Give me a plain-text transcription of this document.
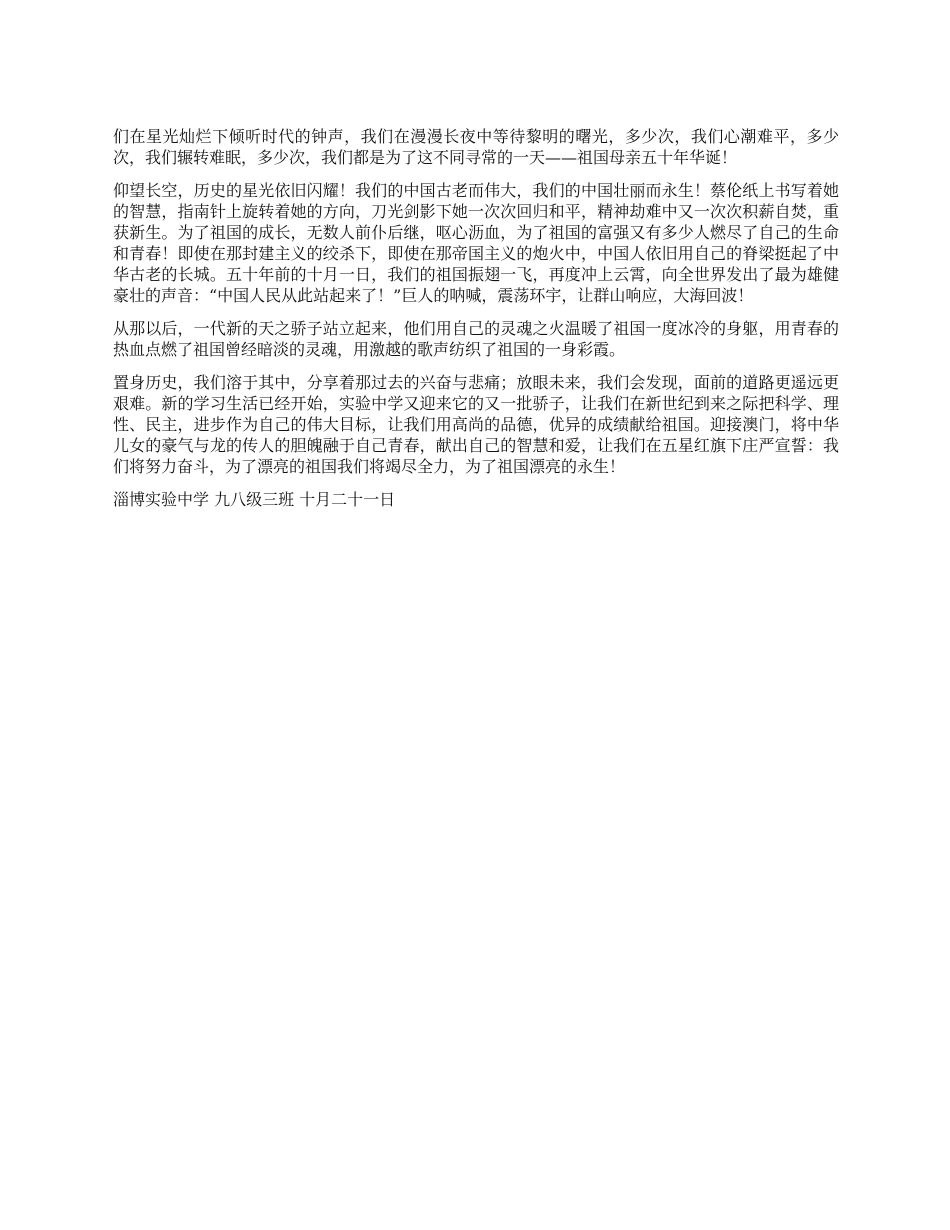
们在星光灿烂下倾听时代的钟声，我们在漫漫长夜中等待黎明的曙光，多少次，我们心潮难平，多少次，我们辗转难眠，多少次，我们都是为了这不同寻常的一天——祖国母亲五十年华诞！

仰望长空，历史的星光依旧闪耀！我们的中国古老而伟大，我们的中国壮丽而永生！蔡伦纸上书写着她的智慧，指南针上旋转着她的方向，刀光剑影下她一次次回归和平，精神劫难中又一次次积薪自焚，重获新生。为了祖国的成长，无数人前仆后继，呕心沥血，为了祖国的富强又有多少人燃尽了自己的生命和青春！即使在那封建主义的绞杀下，即使在那帝国主义的炮火中，中国人依旧用自己的脊梁挺起了中华古老的长城。五十年前的十月一日，我们的祖国振翅一飞，再度冲上云霄，向全世界发出了最为雄健豪壮的声音：“中国人民从此站起来了！”巨人的呐喊，震荡环宇，让群山响应，大海回波！

从那以后，一代新的天之骄子站立起来，他们用自己的灵魂之火温暖了祖国一度冰冷的身躯，用青春的热血点燃了祖国曾经暗淡的灵魂，用激越的歌声纺织了祖国的一身彩霞。

置身历史，我们溶于其中，分享着那过去的兴奋与悲痛；放眼未来，我们会发现，面前的道路更遥远更艰难。新的学习生活已经开始，实验中学又迎来它的又一批骄子，让我们在新世纪到来之际把科学、理性、民主，进步作为自己的伟大目标，让我们用高尚的品德，优异的成绩献给祖国。迎接澳门，将中华儿女的豪气与龙的传人的胆魄融于自己青春，献出自己的智慧和爱，让我们在五星红旗下庄严宣誓：我们将努力奋斗，为了漂亮的祖国我们将竭尽全力，为了祖国漂亮的永生！

淄博实验中学 九八级三班 十月二十一日
